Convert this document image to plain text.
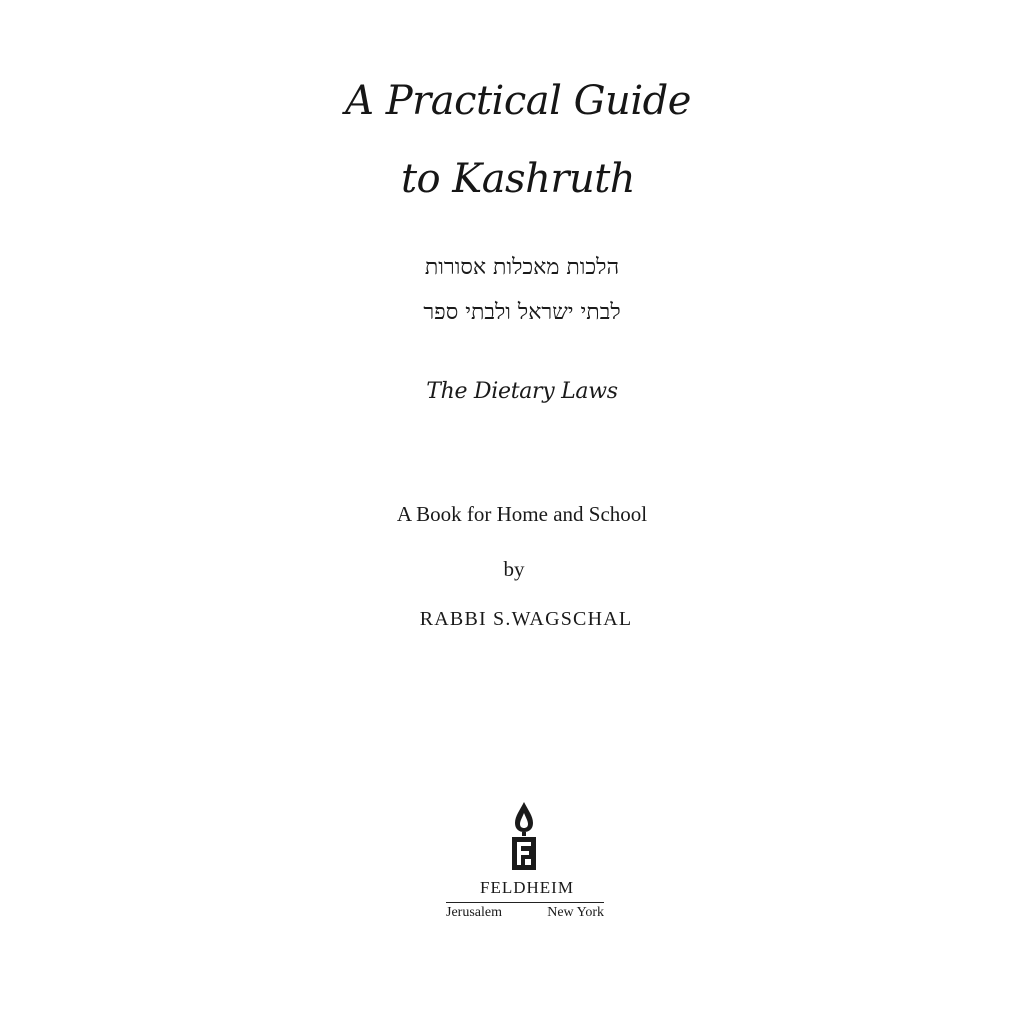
A Practical Guide
to Kashruth
הלכות מאכלות אסורות
לבתי ישראל ולבתי ספר
The Dietary Laws
A Book for Home and School
by
RABBI S.WAGSCHAL
FELDHEIM
Jerusalem	New York
